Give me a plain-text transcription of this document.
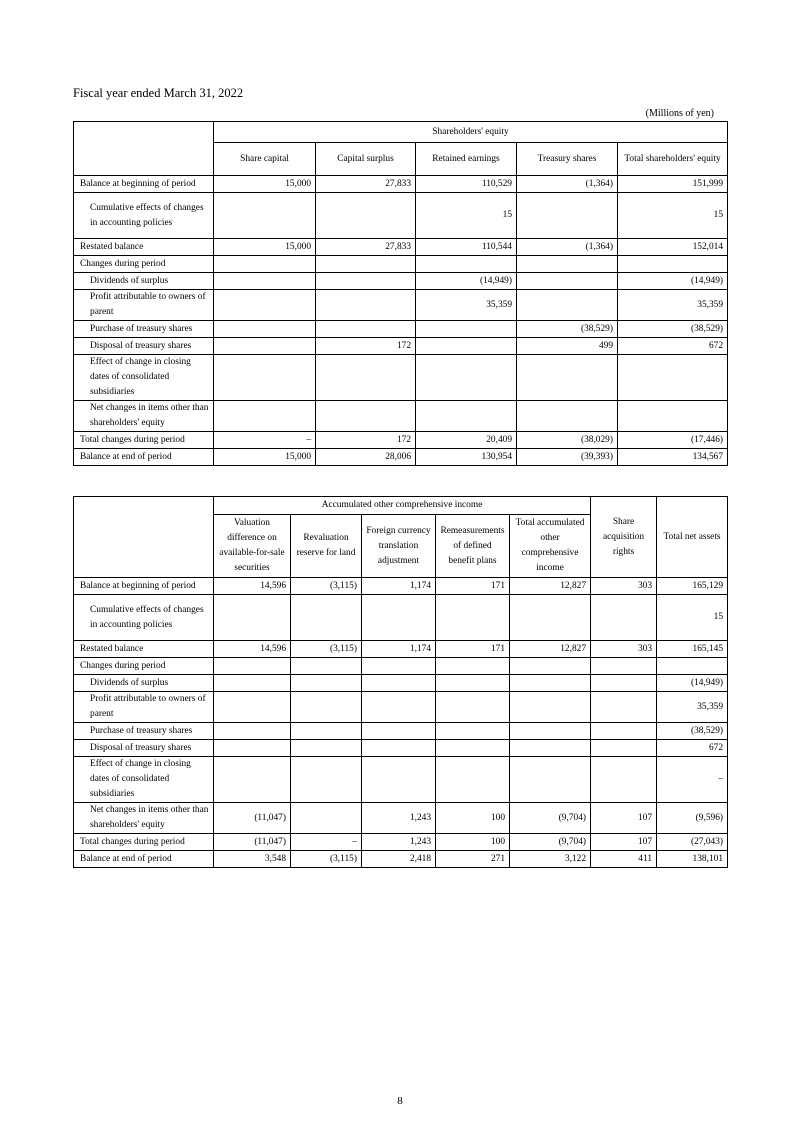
Fiscal year ended March 31, 2022
(Millions of yen)
	Shareholders' equity				
	Share capital	Capital surplus	Retained earnings	Treasury shares	Total shareholders' equity
Balance at beginning of period	15,000	27,833	110,529	(1,364)	151,999
Cumulative effects of changes in accounting policies			15		15
Restated balance	15,000	27,833	110,544	(1,364)	152,014
Changes during period					
Dividends of surplus			(14,949)		(14,949)
Profit attributable to owners of parent			35,359		35,359
Purchase of treasury shares				(38,529)	(38,529)
Disposal of treasury shares		172		499	672
Effect of change in closing dates of consolidated subsidiaries					
Net changes in items other than shareholders' equity					
Total changes during period	–	172	20,409	(38,029)	(17,446)
Balance at end of period	15,000	28,006	130,954	(39,393)	134,567
	Accumulated other comprehensive income					Share acquisition rights	Total net assets
	Valuation difference on available-for-sale securities	Revaluation reserve for land	Foreign currency translation adjustment	Remeasurements of defined benefit plans	Total accumulated other comprehensive income		
Balance at beginning of period	14,596	(3,115)	1,174	171	12,827	303	165,129
Cumulative effects of changes in accounting policies							15
Restated balance	14,596	(3,115)	1,174	171	12,827	303	165,145
Changes during period							
Dividends of surplus							(14,949)
Profit attributable to owners of parent							35,359
Purchase of treasury shares							(38,529)
Disposal of treasury shares							672
Effect of change in closing dates of consolidated subsidiaries							–
Net changes in items other than shareholders' equity	(11,047)		1,243	100	(9,704)	107	(9,596)
Total changes during period	(11,047)	–	1,243	100	(9,704)	107	(27,043)
Balance at end of period	3,548	(3,115)	2,418	271	3,122	411	138,101
8
